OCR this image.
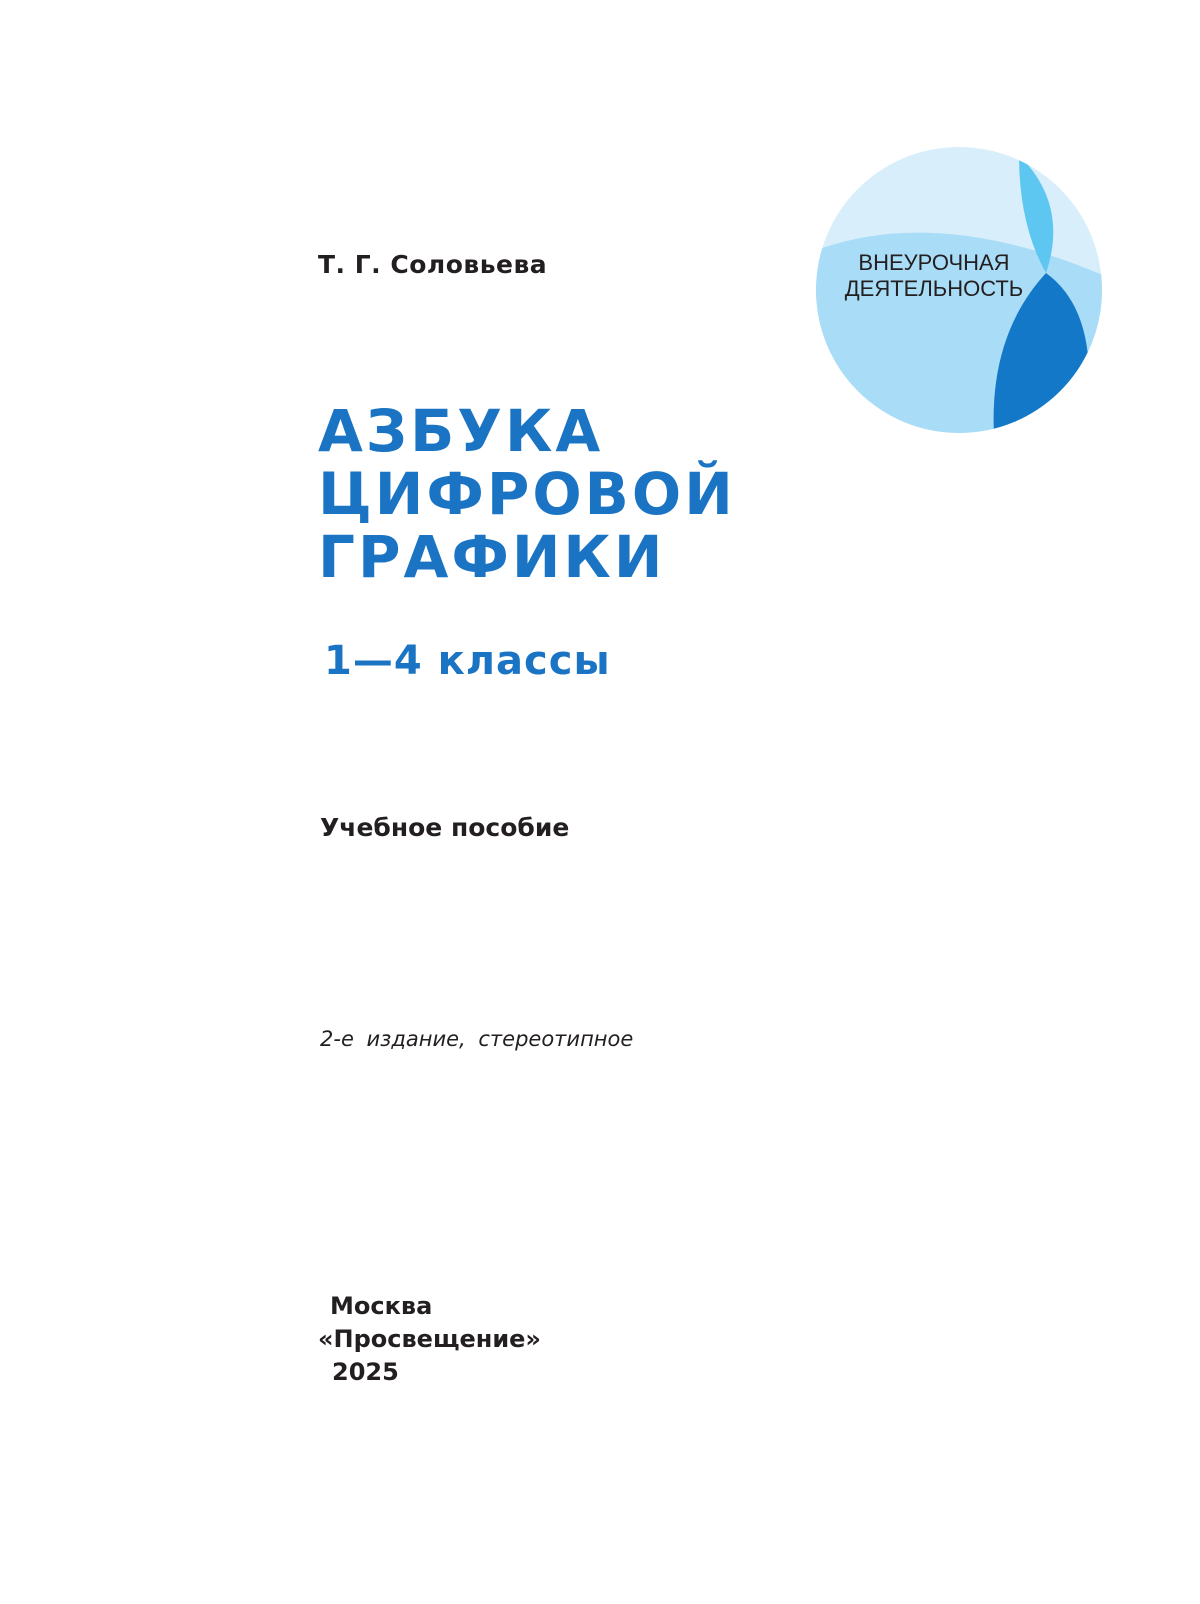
Т. Г. Соловьева	ВНЕУРОЧНАЯ
ДЕЯТЕЛЬНОСТЬ
АЗБУКА
ЦИФРОВОЙ
ГРАФИКИ
1—4 классы
Учебное пособие
2-е издание, стереотипное
Москва
«Просвещение»
2025
